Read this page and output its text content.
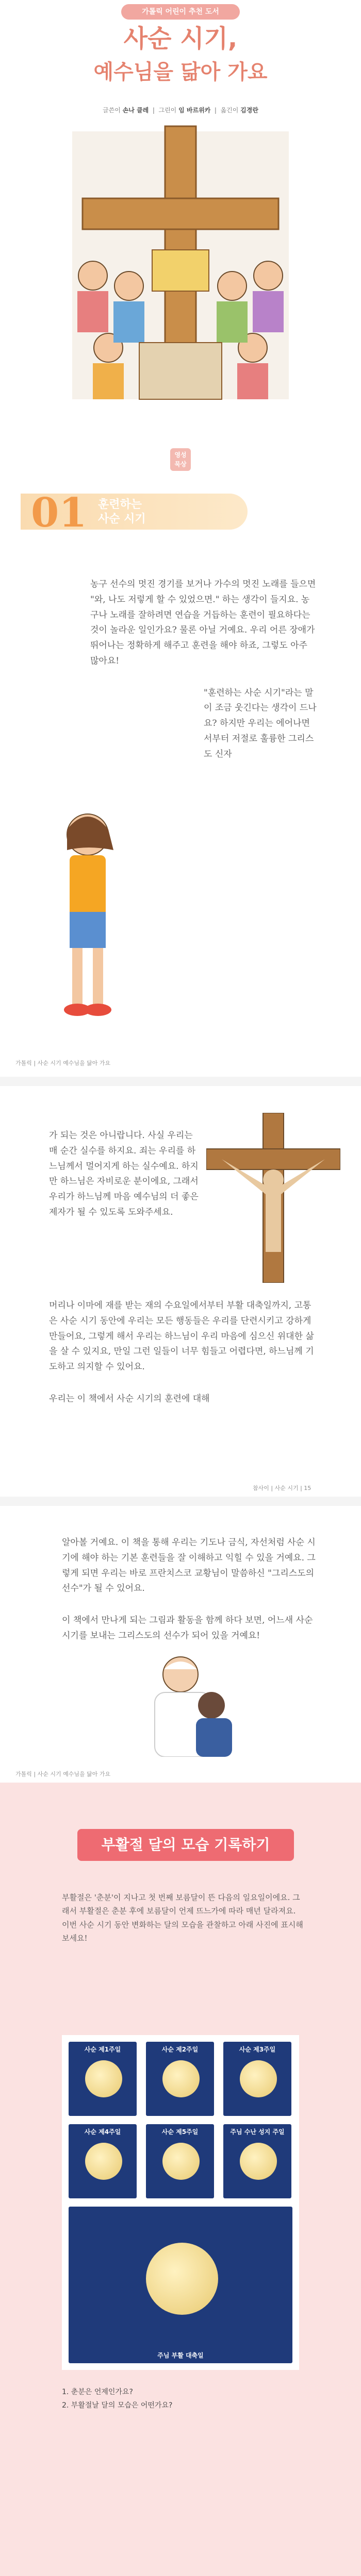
가톨릭 어린이 추천 도서
사순 시기,
예수님을 닮아 가요
글쓴이 손나 클레  |  그린이 임 바르위카  |  옮긴이 김경란
영성
묵상
01 훈련하는
사순 시기

농구 선수의 멋진 경기를 보거나 가수의 멋진 노래를 들으면 "와, 나도 저렇게 할 수 있었으면." 하는 생각이 들지요. 농구나 노래를 잘하려면 연습을 거듭하는 훈련이 필요하다는 것이 놀라운 일인가요? 물론 아닐 거예요. 우리 어른 장애가 뛰어나는 정확하게 해주고 훈련을 해야 하죠, 그렇도 아주 많아요!

"훈련하는 사순 시기"라는 말이 조금 웃긴다는 생각이 드나요? 하지만 우리는 에어나면서부터 저절로 훌륭한 그리스도 신자

가톨릭 | 사순 시기 예수님을 닮아 가요

가 되는 것은 아니랍니다. 사실 우리는 매 순간 실수를 하지요. 죄는 우리를 하느님께서 멀어지게 하는 실수예요. 하지만 하느님은 자비로운 분이에요, 그래서 우리가 하느님께 마음 예수님의 더 좋은 제자가 될 수 있도록 도와주세요.

머리나 이마에 재를 받는 재의 수요일에서부터 부활 대축일까지, 고통은 사순 시기 동안에 우리는 모든 행동들은 우리를 단련시키고 강하게 만들어요, 그렇게 해서 우리는 하느님이 우리 마음에 심으신 위대한 삶을 살 수 있지요, 만일 그런 일들이 너무 힘들고 어렵다면, 하느님께 기도하고 의지할 수 있어요.

우리는 이 책에서 사순 시기의 훈련에 대해

참사이 | 사순 시기 | 15

알아볼 거예요. 이 책을 통해 우리는 기도나 금식, 자선처럼 사순 시기에 해야 하는 기본 훈련들을 잘 이해하고 익힐 수 있을 거예요. 그렇게 되면 우리는 바로 프란치스코 교황님이 말씀하신 "그리스도의 선수"가 될 수 있어요.

이 책에서 만나게 되는 그림과 활동을 함께 하다 보면, 어느새 사순 시기를 보내는 그리스도의 선수가 되어 있을 거예요!

가톨릭 | 사순 시기 예수님을 닮아 가요
부활절 달의 모습 기록하기
부활절은 '춘분'이 지나고 첫 번째 보름달이 뜬 다음의 일요일이에요. 그래서 부활절은 춘분 후에 보름달이 언제 뜨느가에 따라 매년 달라져요. 이번 사순 시기 동안 변화하는 달의 모습을 관찰하고 아래 사진에 표시해 보세요!
사순 제1주일	사순 제2주일	사순 제3주일
사순 제4주일	사순 제5주일	주님 수난 성지 주일
주님 부활 대축일
1. 춘분은 언제인가요?
2. 부활절날 달의 모습은 어떤가요?
